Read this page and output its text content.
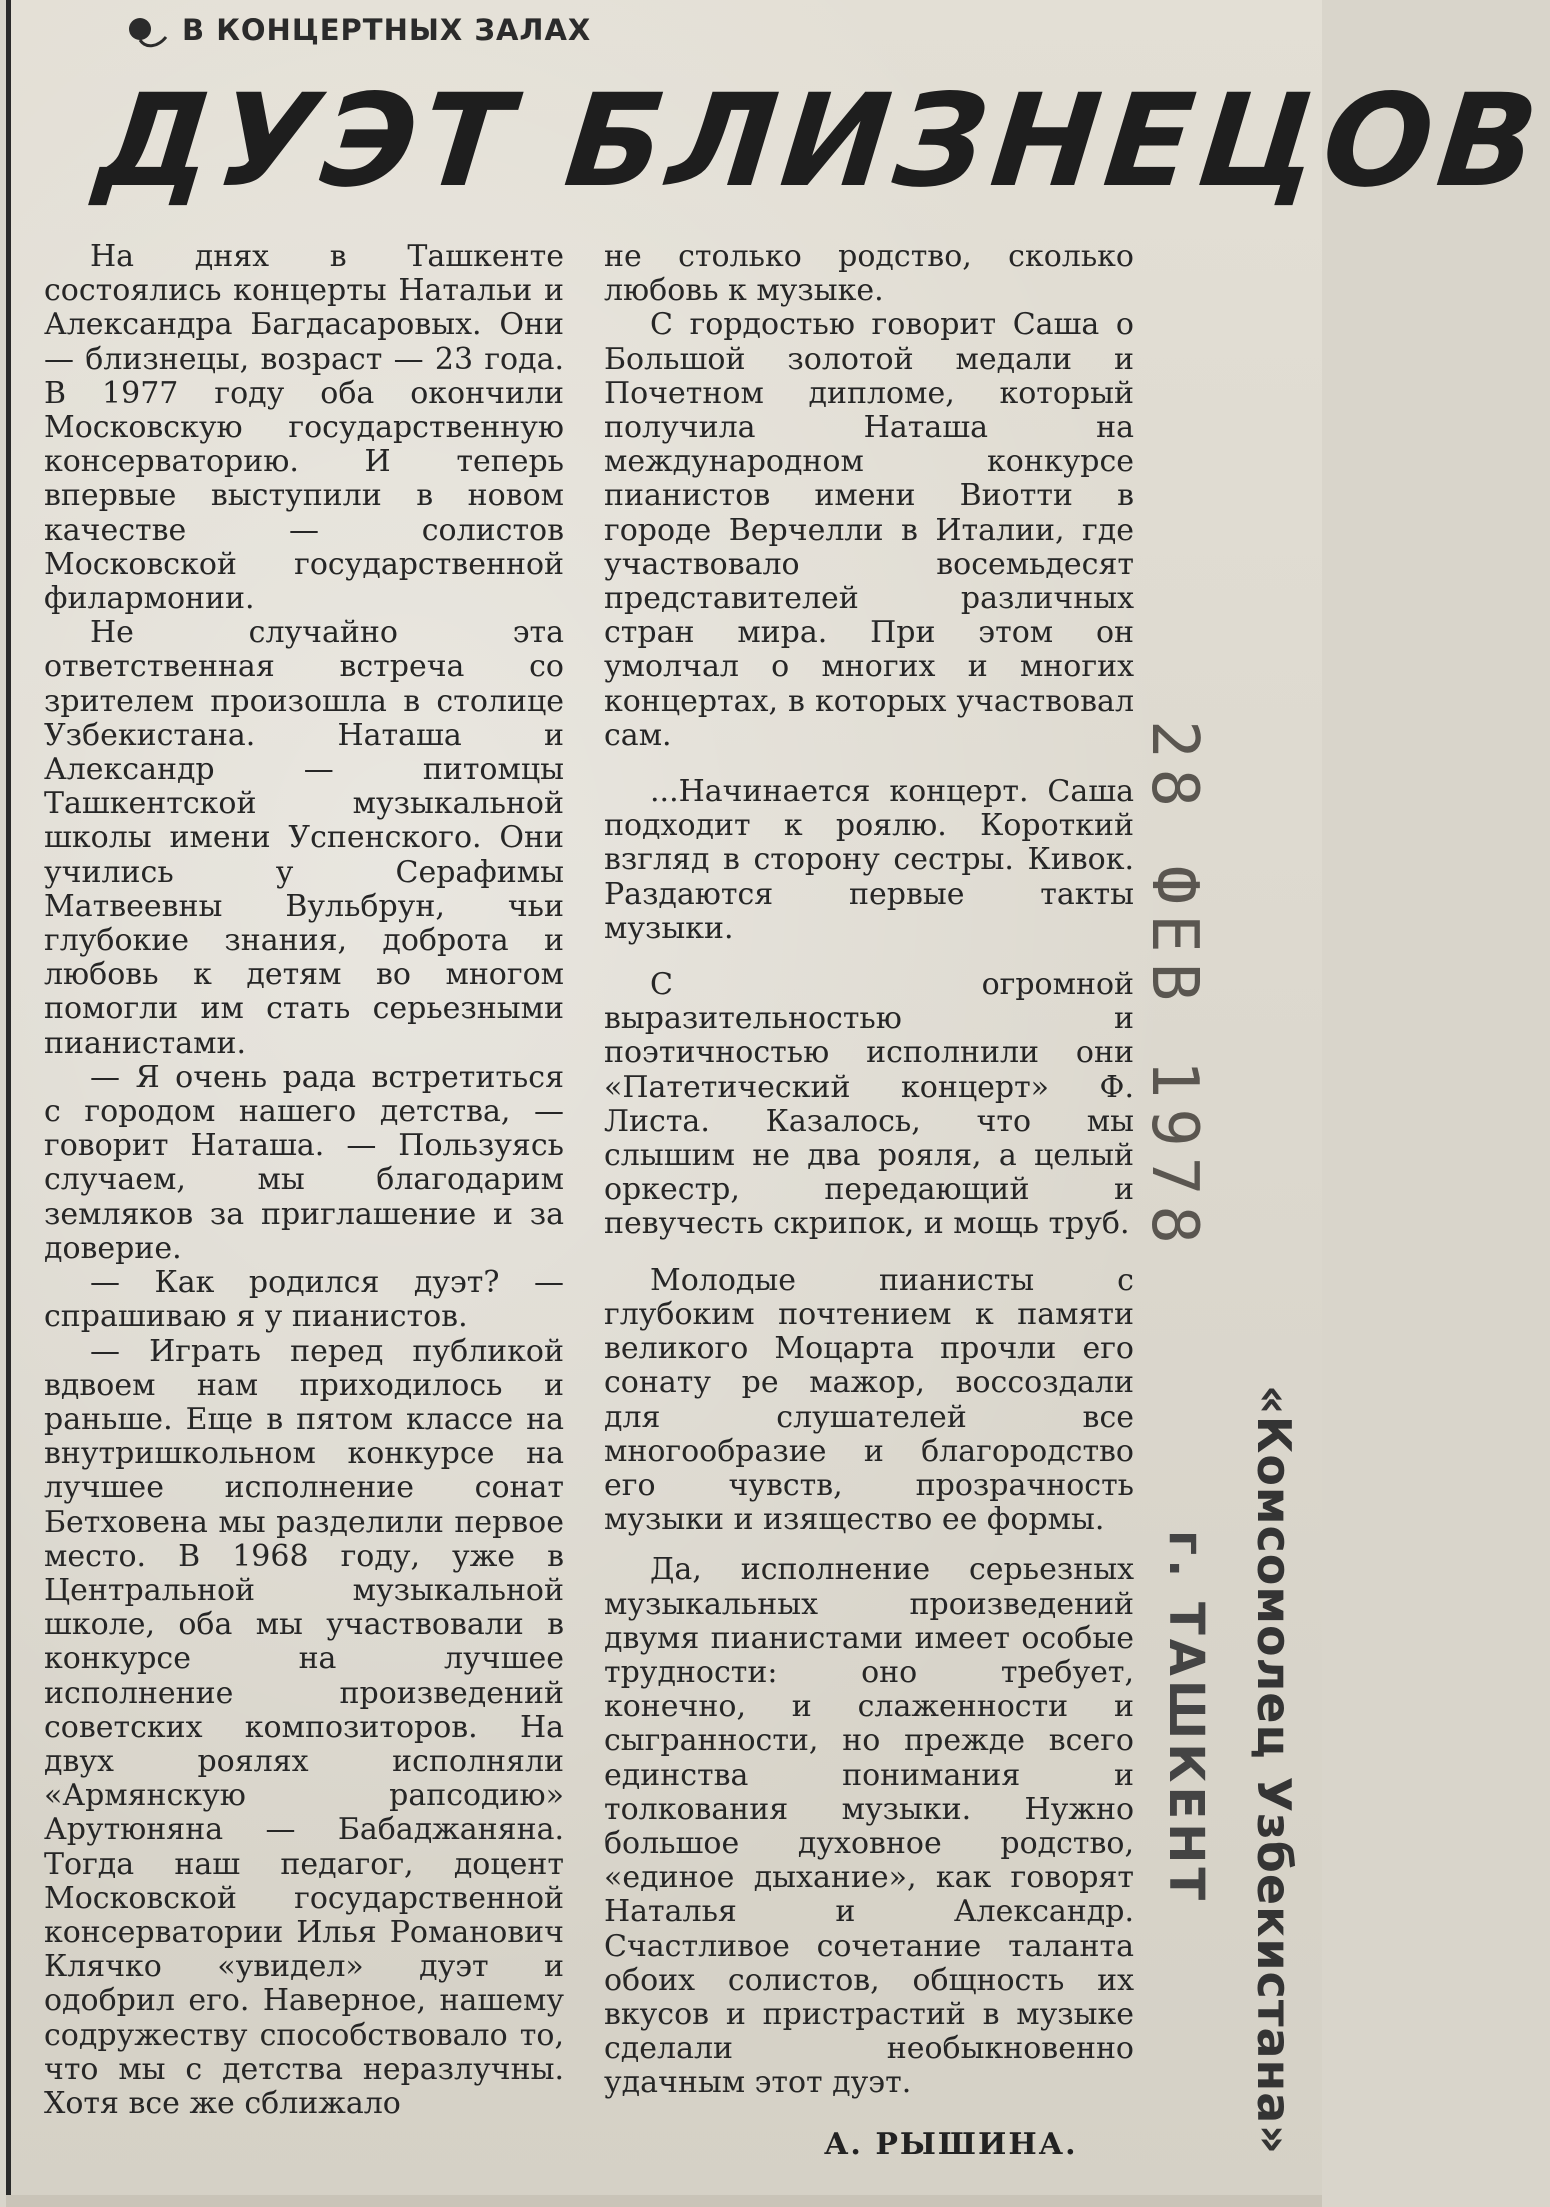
В КОНЦЕРТНЫХ ЗАЛАХ
ДУЭТ БЛИЗНЕЦОВ

На днях в Ташкенте состоялись концерты Натальи и Александра Багдасаровых. Они — близнецы, возраст — 23 года. В 1977 году оба окончили Московскую государственную консерваторию. И теперь впервые выступили в новом качестве — солистов Московской государственной филармонии.

Не случайно эта ответственная встреча со зрителем произошла в столице Узбекистана. Наташа и Александр — питомцы Ташкентской музыкальной школы имени Успенского. Они учились у Серафимы Матвеевны Вульбрун, чьи глубокие знания, доброта и любовь к детям во многом помогли им стать серьезными пианистами.

— Я очень рада встретиться с городом нашего детства, — говорит Наташа. — Пользуясь случаем, мы благодарим земляков за приглашение и за доверие.

— Как родился дуэт? — спрашиваю я у пианистов.

— Играть перед публикой вдвоем нам приходилось и раньше. Еще в пятом классе на внутришкольном конкурсе на лучшее исполнение сонат Бетховена мы разделили первое место. В 1968 году, уже в Центральной музыкальной школе, оба мы участвовали в конкурсе на лучшее исполнение произведений советских композиторов. На двух роялях исполняли «Армянскую рапсодию» Арутюняна — Бабаджаняна. Тогда наш педагог, доцент Московской государственной консерватории Илья Романович Клячко «увидел» дуэт и одобрил его. Наверное, нашему содружеству способствовало то, что мы с детства неразлучны. Хотя все же сближало

не столько родство, сколько любовь к музыке.

С гордостью говорит Саша о Большой золотой медали и Почетном дипломе, который получила Наташа на международном конкурсе пианистов имени Виотти в городе Верчелли в Италии, где участвовало восемьдесят представителей различных стран мира. При этом он умолчал о многих и многих концертах, в которых участвовал сам.

...Начинается концерт. Саша подходит к роялю. Короткий взгляд в сторону сестры. Кивок. Раздаются первые такты музыки.

С огромной выразительностью и поэтичностью исполнили они «Патетический концерт» Ф. Листа. Казалось, что мы слышим не два рояля, а целый оркестр, передающий и певучесть скрипок, и мощь труб.

Молодые пианисты с глубоким почтением к памяти великого Моцарта прочли его сонату ре мажор, воссоздали для слушателей все многообразие и благородство его чувств, прозрачность музыки и изящество ее формы.

Да, исполнение серьезных музыкальных произведений двумя пианистами имеет особые трудности: оно требует, конечно, и слаженности и сыгранности, но прежде всего единства понимания и толкования музыки. Нужно большое духовное родство, «единое дыхание», как говорят Наталья и Александр. Счастливое сочетание таланта обоих солистов, общность их вкусов и пристрастий в музыке сделали необыкновенно удачным этот дуэт.

А. РЫШИНА.
28 ФЕВ 1978
«Комсомолец Узбекистана»
г. ТАШКЕНТ
